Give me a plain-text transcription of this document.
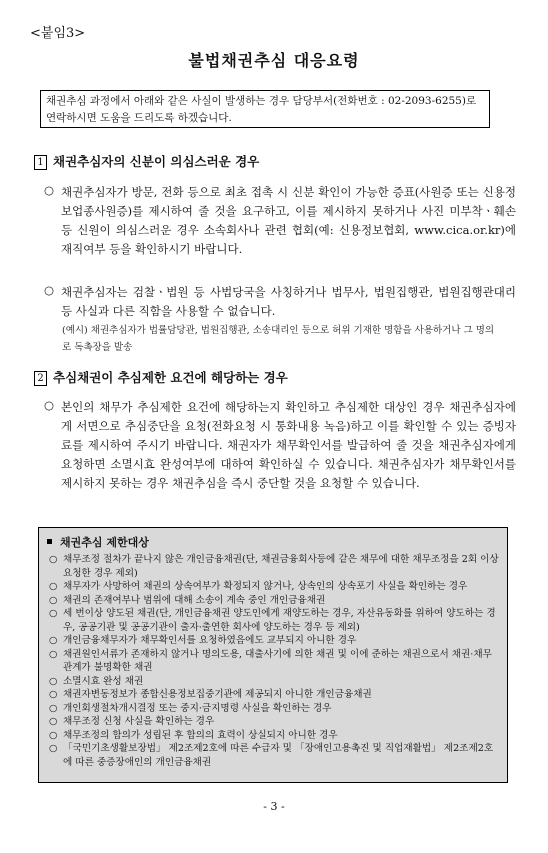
<붙임3>
불법채권추심 대응요령
채권추심 과정에서 아래와 같은 사실이 발생하는 경우 담당부서(전화번호 : 02-2093-6255)로 연락하시면 도움을 드리도록 하겠습니다.
1 채권추심자의 신분이 의심스러운 경우
○ 채권추심자가 방문, 전화 등으로 최초 접촉 시 신분 확인이 가능한 증표(사원증 또는 신용정보업종사원증)를 제시하여 줄 것을 요구하고, 이를 제시하지 못하거나 사진 미부착ㆍ훼손 등 신원이 의심스러운 경우 소속회사나 관련 협회(예: 신용정보협회, www.cica.or.kr)에 재직여부 등을 확인하시기 바랍니다.
○ 채권추심자는 검찰ㆍ법원 등 사법당국을 사칭하거나 법무사, 법원집행관, 법원집행관대리 등 사실과 다른 직함을 사용할 수 없습니다.
(예시) 채권추심자가 법률담당관, 법원집행관, 소송대리인 등으로 허위 기재한 명함을 사용하거나 그 명의로 독촉장을 발송
2 추심채권이 추심제한 요건에 해당하는 경우
○ 본인의 채무가 추심제한 요건에 해당하는지 확인하고 추심제한 대상인 경우 채권추심자에게 서면으로 추심중단을 요청(전화요청 시 통화내용 녹음)하고 이를 확인할 수 있는 증빙자료를 제시하여 주시기 바랍니다. 채권자가 채무확인서를 발급하여 줄 것을 채권추심자에게 요청하면 소멸시효 완성여부에 대하여 확인하실 수 있습니다. 채권추심자가 채무확인서를 제시하지 못하는 경우 채권추심을 즉시 중단할 것을 요청할 수 있습니다.
채권추심 제한대상
○ 채무조정 절차가 끝나지 않은 개인금융채권(단, 채권금융회사등에 같은 채무에 대한 채무조정을 2회 이상 요청한 경우 제외)
○ 채무자가 사망하여 채권의 상속여부가 확정되지 않거나, 상속인의 상속포기 사실을 확인하는 경우
○ 채권의 존재여부나 범위에 대해 소송이 계속 중인 개인금융채권
○ 세 번이상 양도된 채권(단, 개인금융채권 양도인에게 재양도하는 경우, 자산유동화를 위하여 양도하는 경우, 공공기관 및 공공기관이 출자·출연한 회사에 양도하는 경우 등 제외)
○ 개인금융채무자가 채무확인서를 요청하였음에도 교부되지 아니한 경우
○ 채권원인서류가 존재하지 않거나 명의도용, 대출사기에 의한 채권 및 이에 준하는 채권으로서 채권·채무관계가 불명확한 채권
○ 소멸시효 완성 채권
○ 채권자변동정보가 종합신용정보집중기관에 제공되지 아니한 개인금융채권
○ 개인회생절차개시결정 또는 중지·금지명령 사실을 확인하는 경우
○ 채무조정 신청 사실을 확인하는 경우
○ 채무조정의 합의가 성립된 후 합의의 효력이 상실되지 아니한 경우
○ 「국민기초생활보장법」 제2조제2호에 따른 수급자 및 「장애인고용촉진 및 직업재활법」 제2조제2호에 따른 중증장애인의 개인금융채권
- 3 -
